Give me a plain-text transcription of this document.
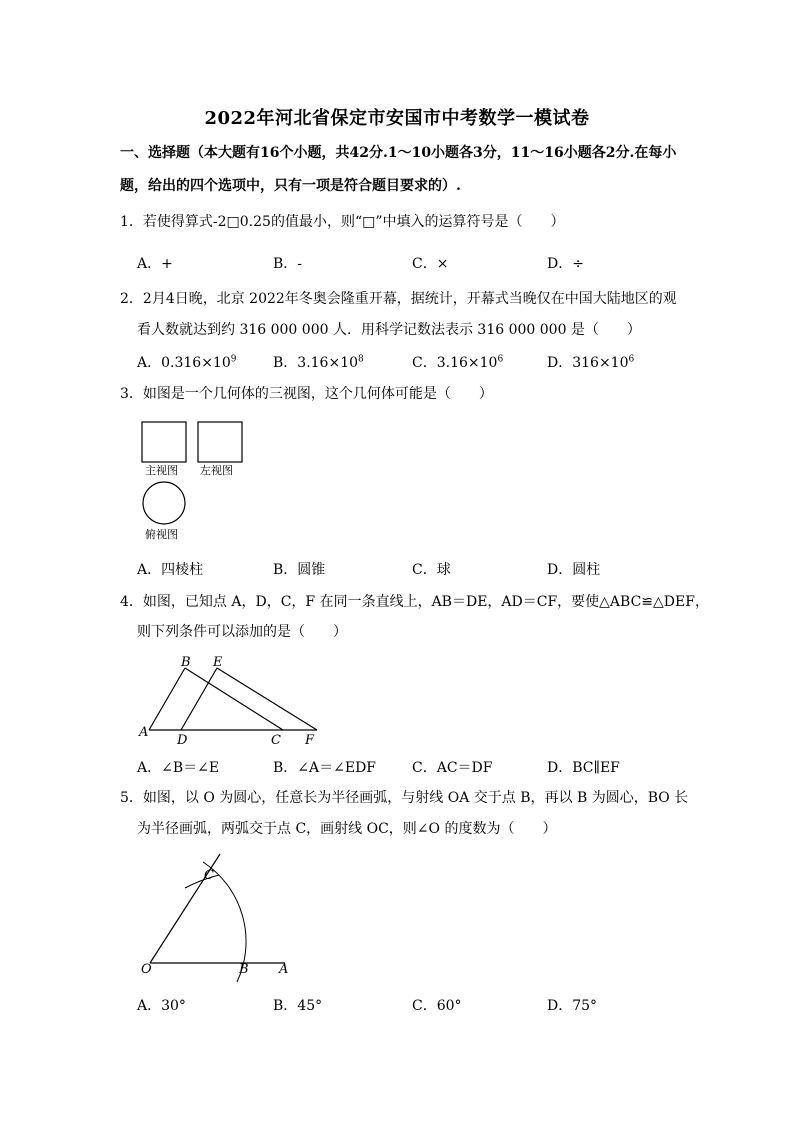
2022年河北省保定市安国市中考数学一模试卷
一、选择题（本大题有16个小题，共42分.1～10小题各3分，11～16小题各2分.在每小
题，给出的四个选项中，只有一项是符合题目要求的）.
1．若使得算式-2□0.25的值最小，则“□”中填入的运算符号是（　　）
A．+	B．-	C．×	D．÷
2．2月4日晚，北京 2022年冬奥会隆重开幕，据统计，开幕式当晚仅在中国大陆地区的观
看人数就达到约 316 000 000 人．用科学记数法表示 316 000 000 是（　　）
A．$0.316\times 10^9$	B．$3.16\times 10^8$	C．$3.16\times 10^6$	D．$316\times 10^6$
3．如图是一个几何体的三视图，这个几何体可能是（　　）
主视图 左视图
俯视图
A．四棱柱	B．圆锥	C．球	D．圆柱
4．如图，已知点 A，D，C，F 在同一条直线上，AB＝DE，AD＝CF，要使△ABC≌△DEF，
则下列条件可以添加的是（　　）
B E
A
D	C F
A．∠B＝∠E	B．∠A＝∠EDF	C．AC＝DF	D．BC∥EF
5．如图，以 O 为圆心，任意长为半径画弧，与射线 OA 交于点 B，再以 B 为圆心，BO 长
为半径画弧，两弧交于点 C，画射线 OC，则∠O 的度数为（　　）
C
O	B A
A．30°	B．45°	C．60°	D．75°
